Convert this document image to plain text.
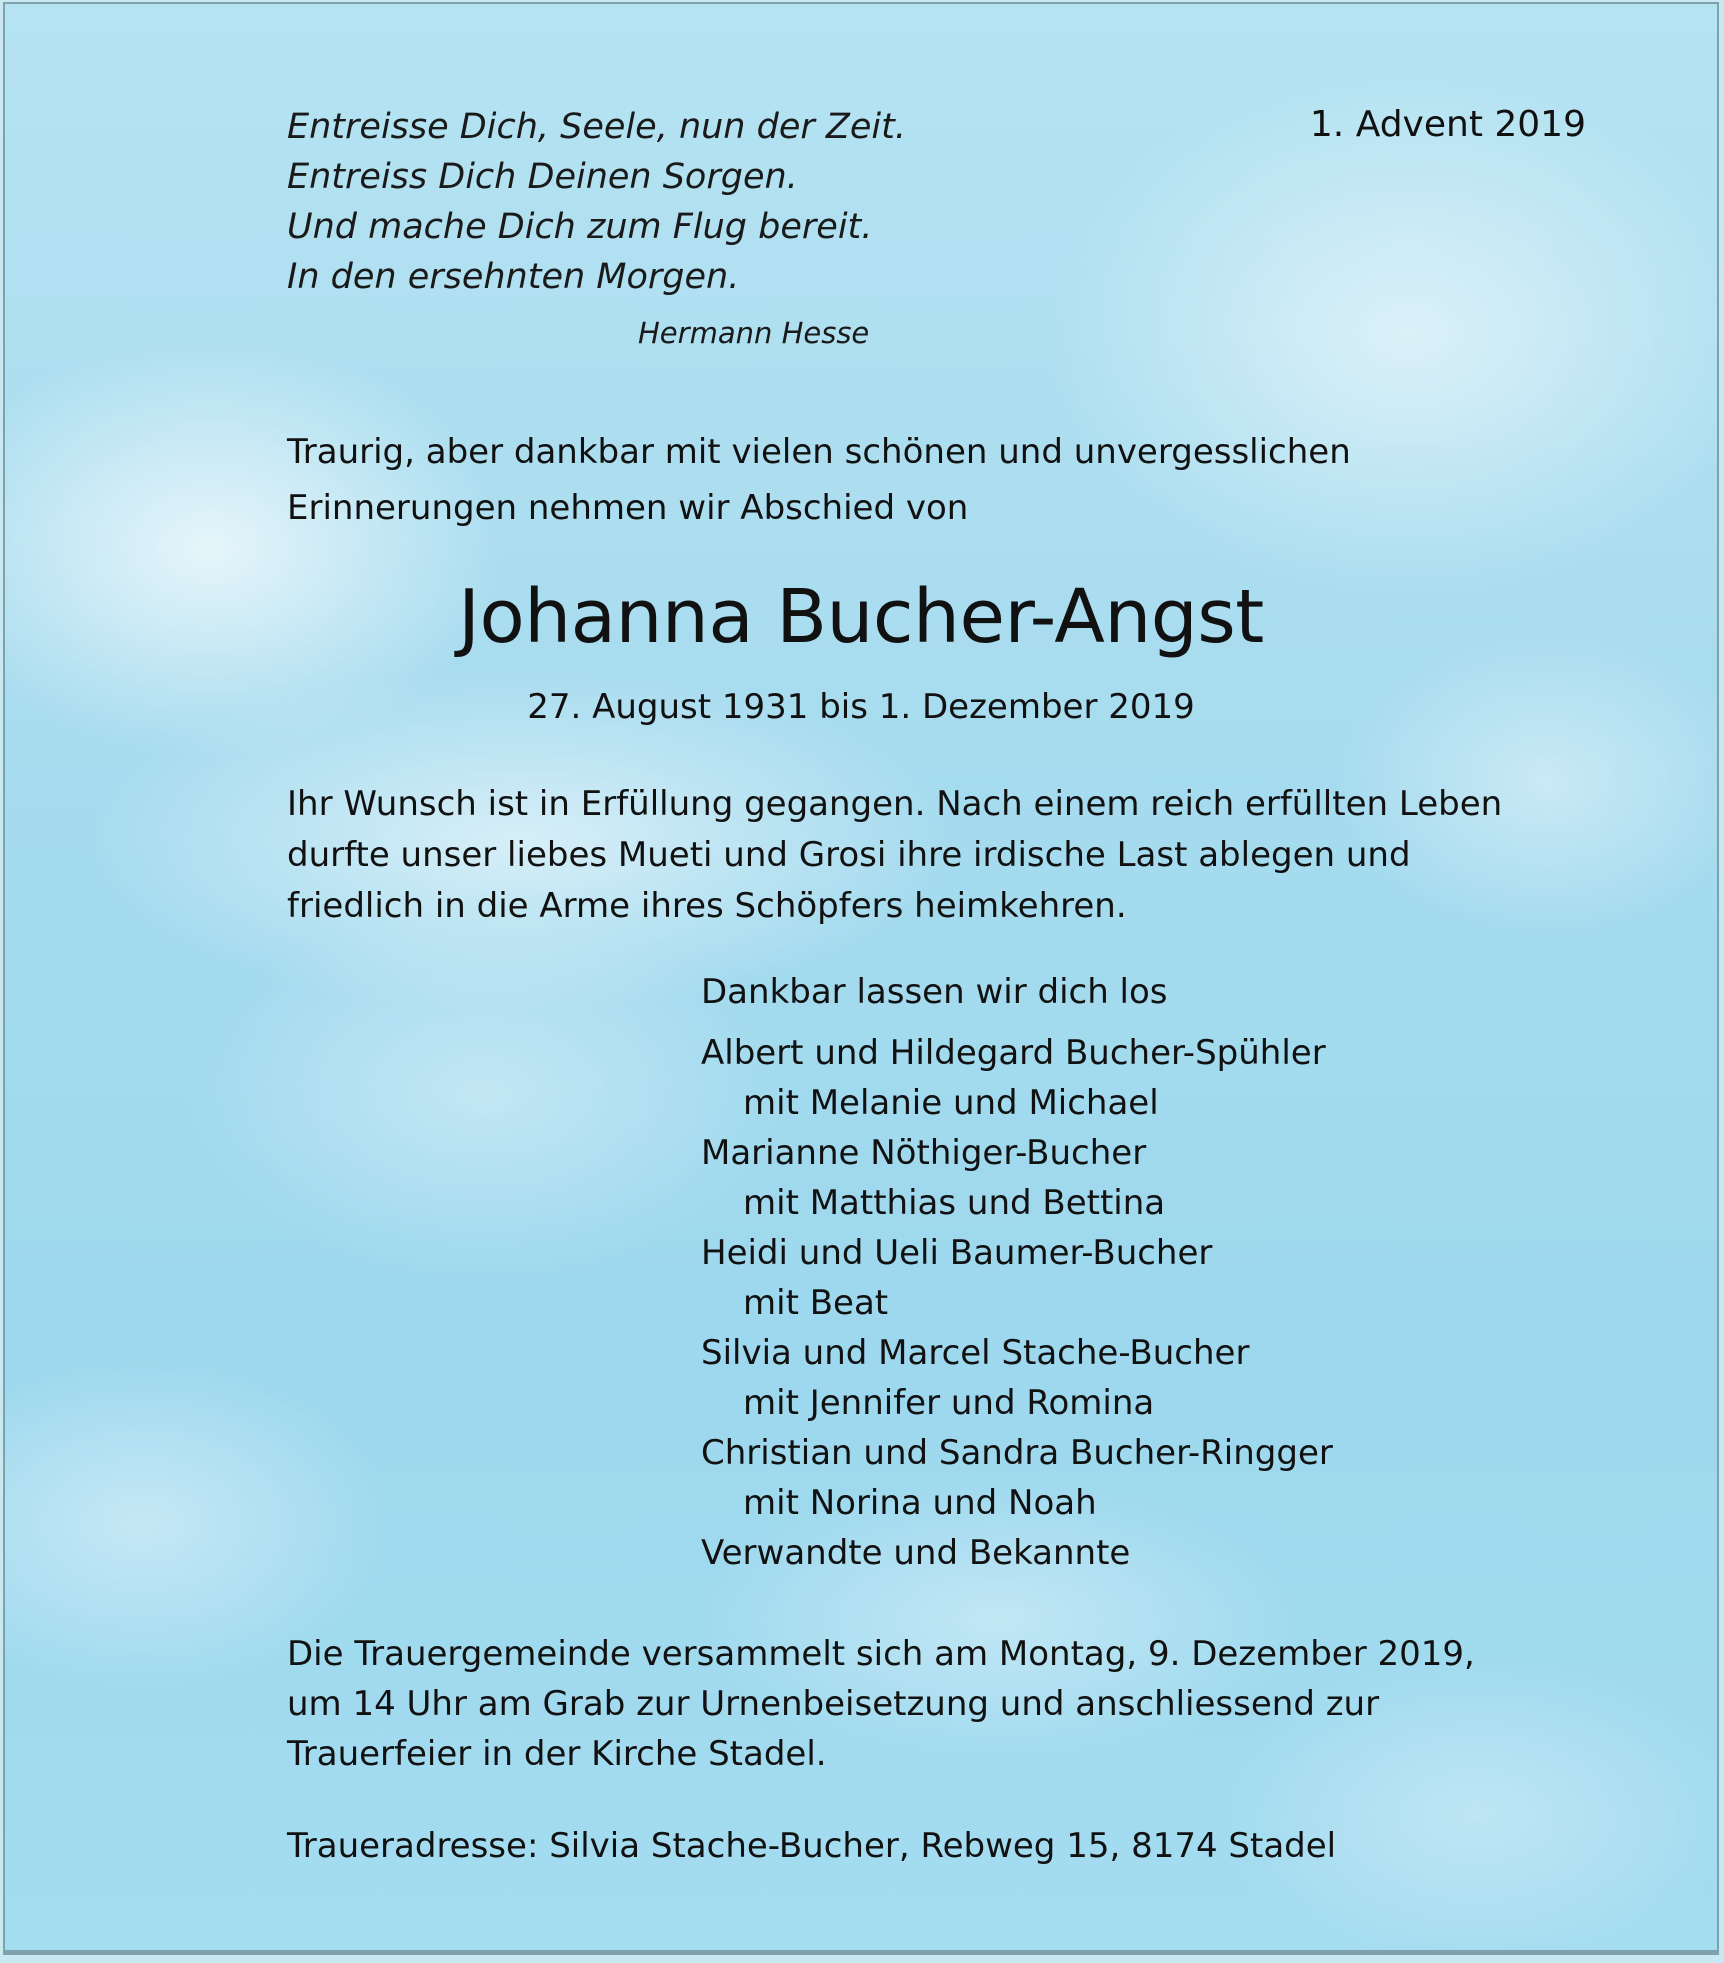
Entreisse Dich, Seele, nun der Zeit.
Entreiss Dich Deinen Sorgen.
Und mache Dich zum Flug bereit.
In den ersehnten Morgen.
Hermann Hesse
1. Advent 2019
Traurig, aber dankbar mit vielen schönen und unvergesslichen
Erinnerungen nehmen wir Abschied von
Johanna Bucher-Angst
27. August 1931 bis 1. Dezember 2019
Ihr Wunsch ist in Erfüllung gegangen. Nach einem reich erfüllten Leben
durfte unser liebes Mueti und Grosi ihre irdische Last ablegen und
friedlich in die Arme ihres Schöpfers heimkehren.
Dankbar lassen wir dich los
Albert und Hildegard Bucher-Spühler
mit Melanie und Michael
Marianne Nöthiger-Bucher
mit Matthias und Bettina
Heidi und Ueli Baumer-Bucher
mit Beat
Silvia und Marcel Stache-Bucher
mit Jennifer und Romina
Christian und Sandra Bucher-Ringger
mit Norina und Noah
Verwandte und Bekannte
Die Trauergemeinde versammelt sich am Montag, 9. Dezember 2019,
um 14 Uhr am Grab zur Urnenbeisetzung und anschliessend zur
Trauerfeier in der Kirche Stadel.
Traueradresse: Silvia Stache-Bucher, Rebweg 15, 8174 Stadel
